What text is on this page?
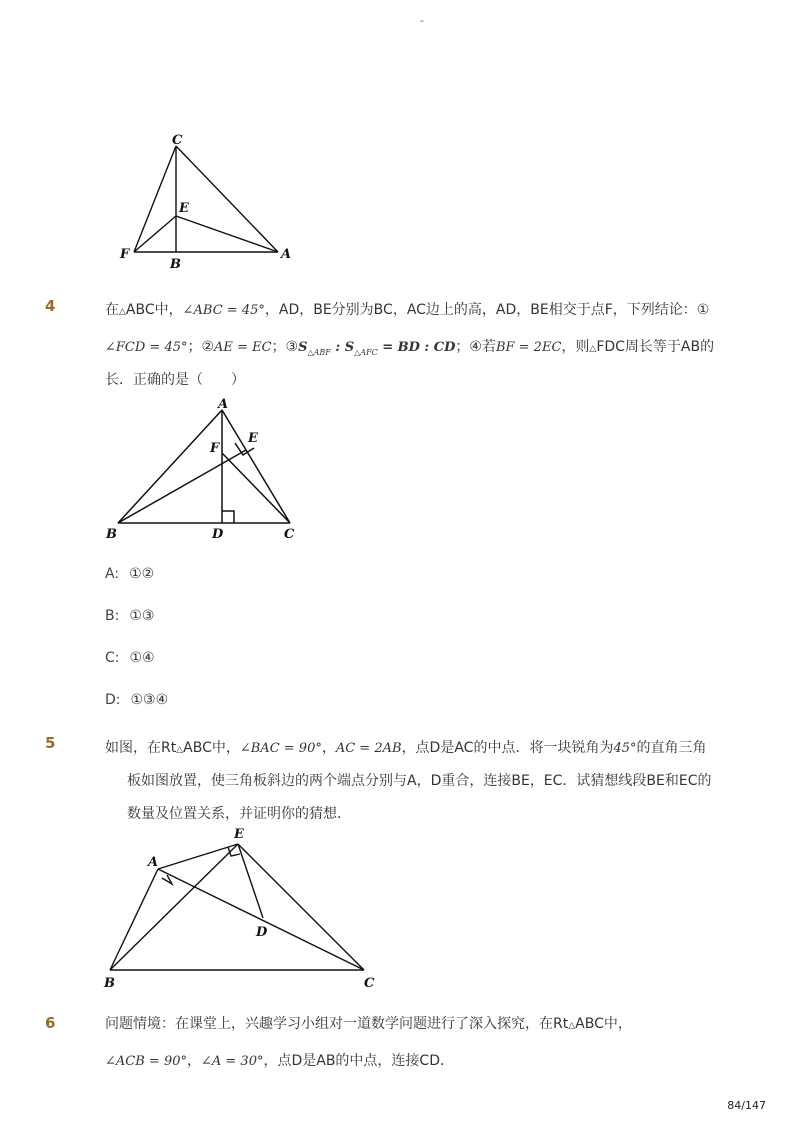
-
C
E
F
B
A
4	在△ABC中，∠ABC = 45°，AD，BE分别为BC，AC边上的高，AD，BE相交于点F，下列结论：①
∠FCD = 45°；②AE = EC；$③S_{\triangle ABF}$ : $S_{\triangle AFC}$ = BD : CD；④若BF = 2EC，则△FDC周长等于AB的
长．正确的是（　　）
A
E
F
B	D	C
A: ①②
B: ①③
C: ①④
D: ①③④
5	如图，在Rt△ABC中，∠BAC = 90°，AC = 2AB，点D是AC的中点．将一块锐角为45°的直角三角
板如图放置，使三角板斜边的两个端点分别与A，D重合，连接BE，EC．试猜想线段BE和EC的
数量及位置关系，并证明你的猜想．
E
A
D
B	C
6	问题情境：在课堂上，兴趣学习小组对一道数学问题进行了深入探究，在Rt△ABC中，
∠ACB = 90°，∠A = 30°，点D是AB的中点，连接CD．
84/147
